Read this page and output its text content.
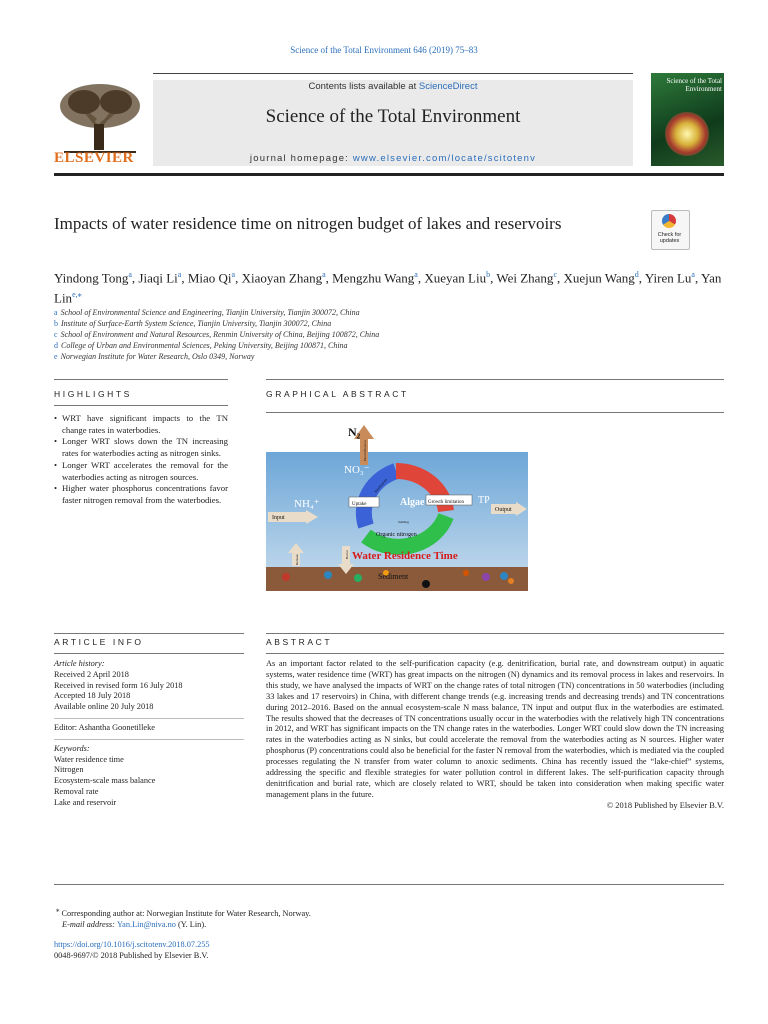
Science of the Total Environment 646 (2019) 75–83
ELSEVIER
Contents lists available at ScienceDirect
Science of the Total Environment
journal homepage: www.elsevier.com/locate/scitotenv
Science of the Total Environment
Impacts of water residence time on nitrogen budget of lakes and reservoirs
Check for updates
Yindong Tong$^a$, Jiaqi Li$^a$, Miao Qi$^a$, Xiaoyan Zhang$^a$, Mengzhu Wang$^a$, Xueyan Liu$^b$, Wei Zhang$^c$, Xuejun Wang$^d$, Yiren Lu$^a$, Yan Lin$^{e,⁎}$
a School of Environmental Science and Engineering, Tianjin University, Tianjin 300072, China
b Institute of Surface-Earth System Science, Tianjin University, Tianjin 300072, China
c School of Environment and Natural Resources, Renmin University of China, Beijing 100872, China
d College of Urban and Environmental Sciences, Peking University, Beijing 100871, China
e Norwegian Institute for Water Research, Oslo 0349, Norway
HIGHLIGHTS	GRAPHICAL ABSTRACT
• WRT have significant impacts to the TN change rates in waterbodies.
• Longer WRT slows down the TN increasing rates for waterbodies acting as nitrogen sinks.
• Longer WRT accelerates the removal for the waterbodies acting as nitrogen sources.
• Higher water phosphorus concentrations favor faster nitrogen removal from the waterbodies.
N₂
NO₃⁻
NH₄⁺	TP
Algae
Uptake	Growth limitation
Organic nitrogen
Water Residence Time
Sediment
Input
Output
Denitrification
Nitrification
Release	Burial
Settling
ARTICLE INFO	ABSTRACT
Article history:
Received 2 April 2018
Received in revised form 16 July 2018
Accepted 18 July 2018
Available online 20 July 2018
Editor: Ashantha Goonetilleke
Keywords:
Water residence time
Nitrogen
Ecosystem-scale mass balance
Removal rate
Lake and reservoir
As an important factor related to the self-purification capacity (e.g. denitrification, burial rate, and downstream output) in aquatic systems, water residence time (WRT) has great impacts on the nitrogen (N) dynamics and its removal process in lakes and reservoirs. In this study, we have analysed the impacts of WRT on the change rates of total nitrogen (TN) concentrations in 50 waterbodies (including 33 lakes and 17 reservoirs) in China, with different change trends (e.g. increasing trends and decreasing trends) and TN concentrations during 2012–2016. Based on the annual ecosystem-scale N mass balance, TN input and output flux in the waterbodies are estimated. The results showed that the decreases of TN concentrations usually occur in the waterbodies with the relatively high TN concentrations in 2012, and WRT has significant impacts on the TN change rates in the waterbodies. Longer WRT could slow down the TN increasing rates in the waterbodies acting as N sinks, but could accelerate the removal from the waterbodies acting as N sources. Higher water phosphorus (P) concentrations could also be beneficial for the faster N removal from the waterbodies, which is mediated via the coupled processes regulating the N transfer from water column to anoxic sediments. China has recently issued the “lake-chief” systems, addressing the specific and flexible strategies for water pollution control in different lakes. The self-purification capacity through denitrification and burial rate, which are closely related to WRT, should be taken into consideration when making specific water management plans in the future.
© 2018 Published by Elsevier B.V.
⁎ Corresponding author at: Norwegian Institute for Water Research, Norway.
E-mail address: Yan.Lin@niva.no (Y. Lin).
https://doi.org/10.1016/j.scitotenv.2018.07.255
0048-9697/© 2018 Published by Elsevier B.V.
